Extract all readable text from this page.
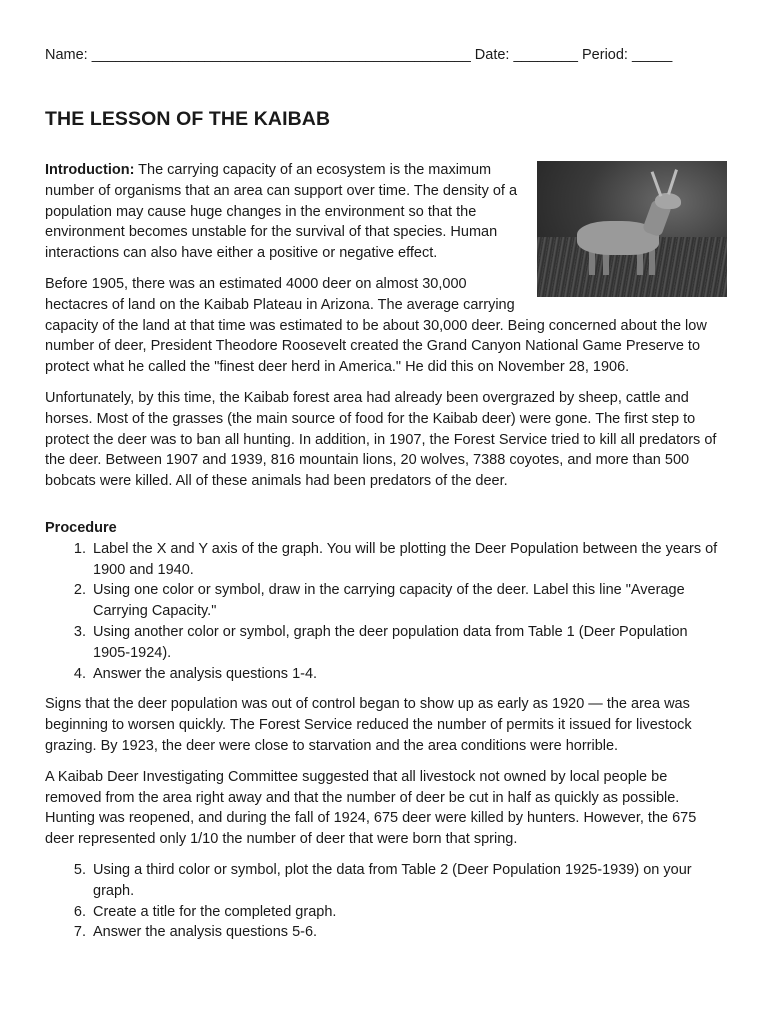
Name: _______________________________________________ Date: ________ Period: _____
THE LESSON OF THE KAIBAB

Introduction: The carrying capacity of an ecosystem is the maximum number of organisms that an area can support over time. The density of a population may cause huge changes in the environment so that the environment becomes unstable for the survival of that species. Human interactions can also have either a positive or negative effect.

Before 1905, there was an estimated 4000 deer on almost 30,000 hectacres of land on the Kaibab Plateau in Arizona. The average carrying capacity of the land at that time was estimated to be about 30,000 deer. Being concerned about the low number of deer, President Theodore Roosevelt created the Grand Canyon National Game Preserve to protect what he called the "finest deer herd in America." He did this on November 28, 1906.

Unfortunately, by this time, the Kaibab forest area had already been overgrazed by sheep, cattle and horses. Most of the grasses (the main source of food for the Kaibab deer) were gone. The first step to protect the deer was to ban all hunting. In addition, in 1907, the Forest Service tried to kill all predators of the deer. Between 1907 and 1939, 816 mountain lions, 20 wolves, 7388 coyotes, and more than 500 bobcats were killed. All of these animals had been predators of the deer.

Procedure
1. Label the X and Y axis of the graph. You will be plotting the Deer Population between the years of 1900 and 1940.
2. Using one color or symbol, draw in the carrying capacity of the deer. Label this line "Average Carrying Capacity."
3. Using another color or symbol, graph the deer population data from Table 1 (Deer Population 1905-1924).
4. Answer the analysis questions 1-4.

Signs that the deer population was out of control began to show up as early as 1920 — the area was beginning to worsen quickly. The Forest Service reduced the number of permits it issued for livestock grazing. By 1923, the deer were close to starvation and the area conditions were horrible.

A Kaibab Deer Investigating Committee suggested that all livestock not owned by local people be removed from the area right away and that the number of deer be cut in half as quickly as possible. Hunting was reopened, and during the fall of 1924, 675 deer were killed by hunters. However, the 675 deer represented only 1/10 the number of deer that were born that spring.

5. Using a third color or symbol, plot the data from Table 2 (Deer Population 1925-1939) on your graph.
6. Create a title for the completed graph.
7. Answer the analysis questions 5-6.
